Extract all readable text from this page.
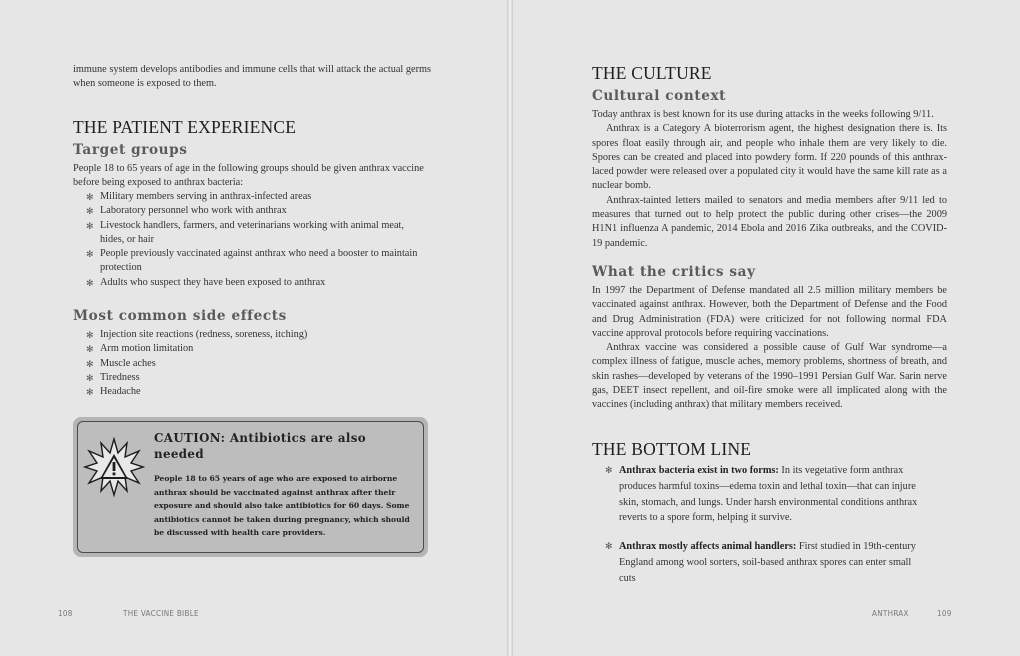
immune system develops antibodies and immune cells that will attack the actual germs when someone is exposed to them.
THE PATIENT EXPERIENCE
Target groups
People 18 to 65 years of age in the following groups should be given anthrax vaccine before being exposed to anthrax bacteria:
✻ Military members serving in anthrax-infected areas
✻ Laboratory personnel who work with anthrax
✻ Livestock handlers, farmers, and veterinarians working with animal meat, hides, or hair
✻ People previously vaccinated against anthrax who need a booster to maintain protection
✻ Adults who suspect they have been exposed to anthrax
Most common side effects
✻ Injection site reactions (redness, soreness, itching)
✻ Arm motion limitation
✻ Muscle aches
✻ Tiredness
✻ Headache
CAUTION: Antibiotics are also needed
People 18 to 65 years of age who are exposed to airborne anthrax should be vaccinated against anthrax after their exposure and should also take antibiotics for 60 days. Some antibiotics cannot be taken during pregnancy, which should be discussed with health care providers.
108	THE VACCINE BIBLE
THE CULTURE
Cultural context
Today anthrax is best known for its use during attacks in the weeks following 9/11.
Anthrax is a Category A bioterrorism agent, the highest designation there is. Its spores float easily through air, and people who inhale them are very likely to die. Spores can be created and placed into powdery form. If 220 pounds of this anthrax-laced powder were released over a populated city it would have the same kill rate as a nuclear bomb.
Anthrax-tainted letters mailed to senators and media members after 9/11 led to measures that turned out to help protect the public during other crises—the 2009 H1N1 influenza A pandemic, 2014 Ebola and 2016 Zika outbreaks, and the COVID-19 pandemic.
What the critics say
In 1997 the Department of Defense mandated all 2.5 million military members be vaccinated against anthrax. However, both the Department of Defense and the Food and Drug Administration (FDA) were criticized for not following normal FDA vaccine approval protocols before requiring vaccinations.
Anthrax vaccine was considered a possible cause of Gulf War syndrome—a complex illness of fatigue, muscle aches, memory problems, shortness of breath, and skin rashes—developed by veterans of the 1990–1991 Persian Gulf War. Sarin nerve gas, DEET insect repellent, and oil-fire smoke were all implicated along with the vaccines (including anthrax) that military members received.
THE BOTTOM LINE
✻ Anthrax bacteria exist in two forms: In its vegetative form anthrax produces harmful toxins—edema toxin and lethal toxin—that can injure skin, stomach, and lungs. Under harsh environmental conditions anthrax reverts to a spore form, helping it survive.
✻ Anthrax mostly affects animal handlers: First studied in 19th-century England among wool sorters, soil-based anthrax spores can enter small cuts
ANTHRAX	109
